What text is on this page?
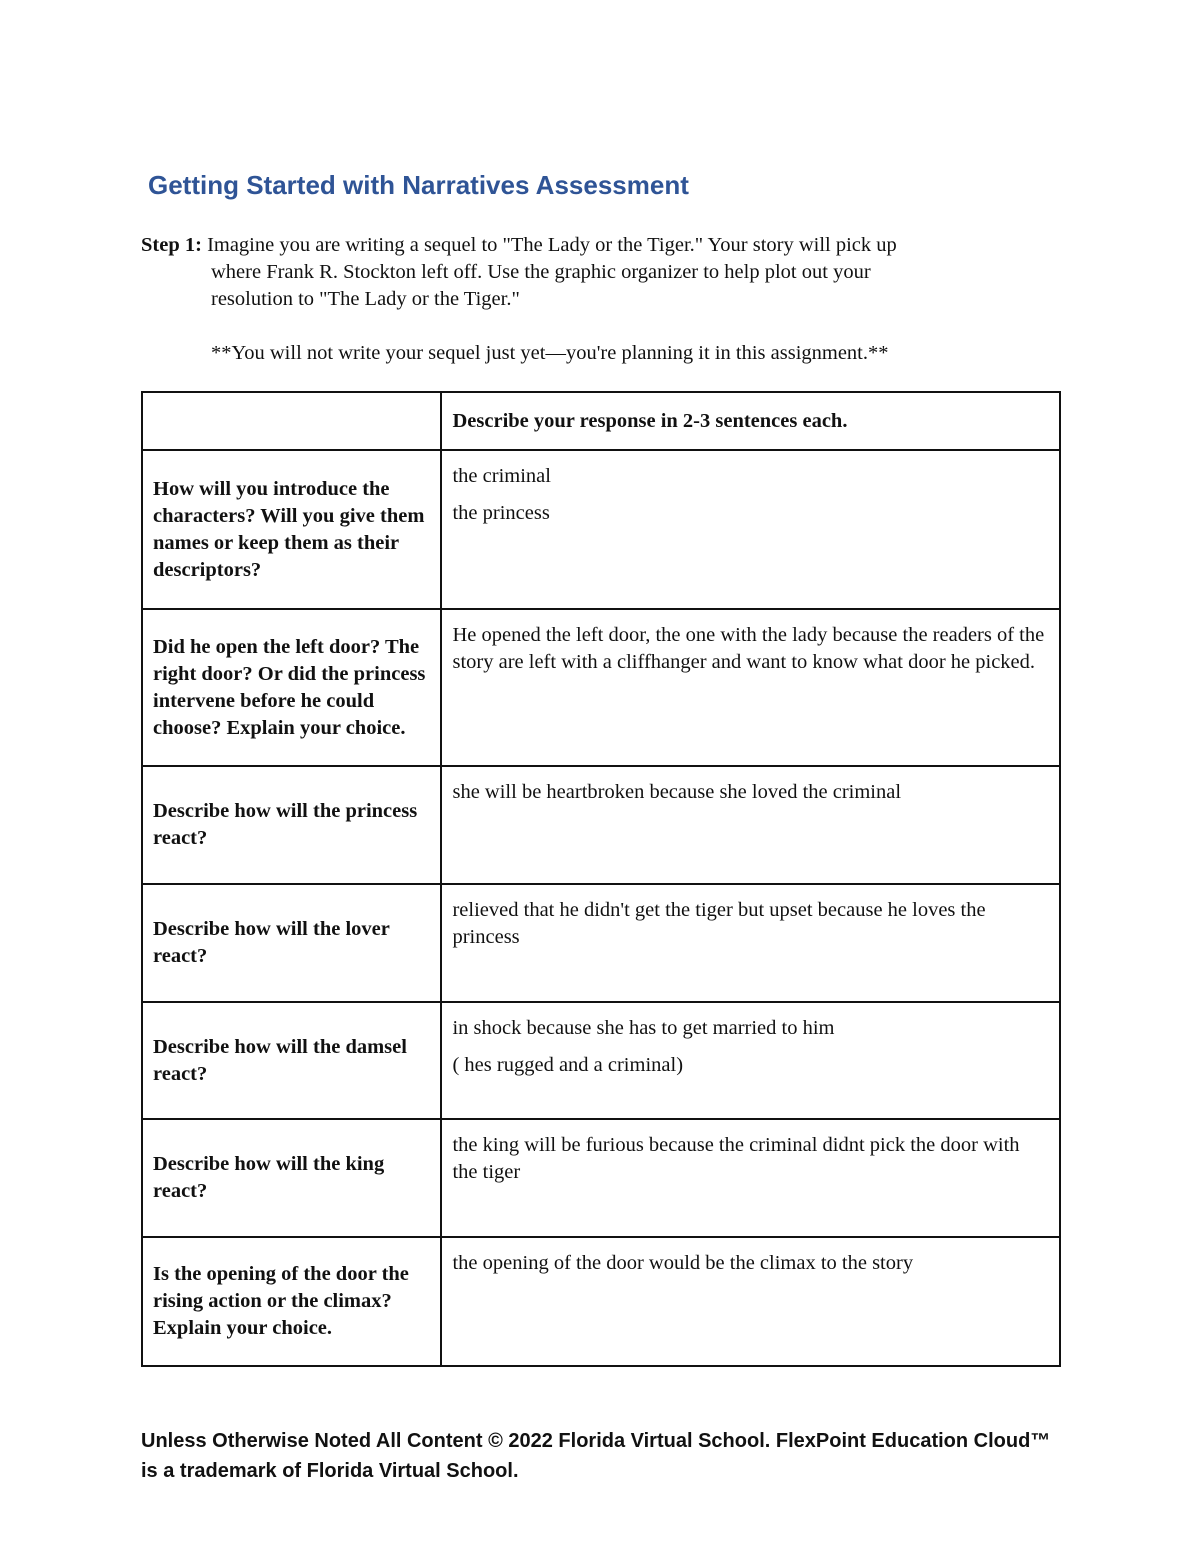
Getting Started with Narratives Assessment
Step 1: Imagine you are writing a sequel to "The Lady or the Tiger." Your story will pick up
where Frank R. Stockton left off. Use the graphic organizer to help plot out your
resolution to "The Lady or the Tiger."
**You will not write your sequel just yet—you're planning it in this assignment.**
	Describe your response in 2-3 sentences each.
How will you introduce the characters? Will you give them names or keep them as their descriptors?	the criminal

the princess

Did he open the left door? The right door? Or did the princess intervene before he could choose? Explain your choice.	He opened the left door, the one with the lady because the readers of the story are left with a cliffhanger and want to know what door he picked.

Describe how will the princess react?	she will be heartbroken because she loved the criminal

Describe how will the lover react?	relieved that he didn't get the tiger but upset because he loves the princess

Describe how will the damsel react?	in shock because she has to get married to him

( hes rugged and a criminal)

Describe how will the king react?	the king will be furious because the criminal didnt pick the door with the tiger

Is the opening of the door the rising action or the climax? Explain your choice.	the opening of the door would be the climax to the story

Unless Otherwise Noted All Content © 2022 Florida Virtual School. FlexPoint Education Cloud™
is a trademark of Florida Virtual School.
